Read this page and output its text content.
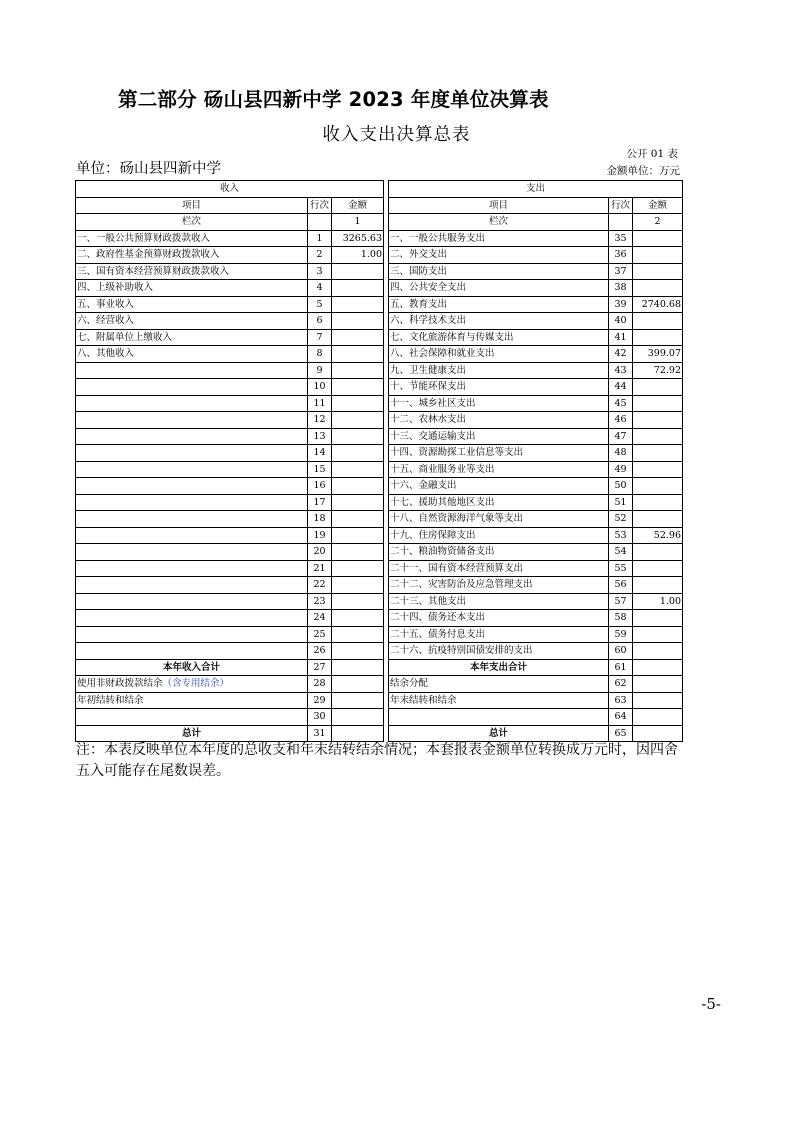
第二部分 砀山县四新中学 2023 年度单位决算表
收入支出决算总表
公开 01 表
单位：砀山县四新中学	金额单位：万元
收入				支出		
项目	行次	金额		项目	行次	金额
栏次		1		栏次		2
一、一般公共预算财政拨款收入	1	3265.63		一、一般公共服务支出	35	
二、政府性基金预算财政拨款收入	2	1.00		二、外交支出	36	
三、国有资本经营预算财政拨款收入	3			三、国防支出	37	
四、上级补助收入	4			四、公共安全支出	38	
五、事业收入	5			五、教育支出	39	2740.68
六、经营收入	6			六、科学技术支出	40	
七、附属单位上缴收入	7			七、文化旅游体育与传媒支出	41	
八、其他收入	8			八、社会保障和就业支出	42	399.07
	9			九、卫生健康支出	43	72.92
	10			十、节能环保支出	44	
	11			十一、城乡社区支出	45	
	12			十二、农林水支出	46	
	13			十三、交通运输支出	47	
	14			十四、资源勘探工业信息等支出	48	
	15			十五、商业服务业等支出	49	
	16			十六、金融支出	50	
	17			十七、援助其他地区支出	51	
	18			十八、自然资源海洋气象等支出	52	
	19			十九、住房保障支出	53	52.96
	20			二十、粮油物资储备支出	54	
	21			二十一、国有资本经营预算支出	55	
	22			二十二、灾害防治及应急管理支出	56	
	23			二十三、其他支出	57	1.00
	24			二十四、债务还本支出	58	
	25			二十五、债务付息支出	59	
	26			二十六、抗疫特别国债安排的支出	60	
本年收入合计	27			本年支出合计	61	
使用非财政拨款结余（含专用结余）	28			结余分配	62	
年初结转和结余	29			年末结转和结余	63	
	30				64	
总计	31			总计	65	
注：本表反映单位本年度的总收支和年末结转结余情况；本套报表金额单位转换成万元时，因四舍五入可能存在尾数误差。
-5-
